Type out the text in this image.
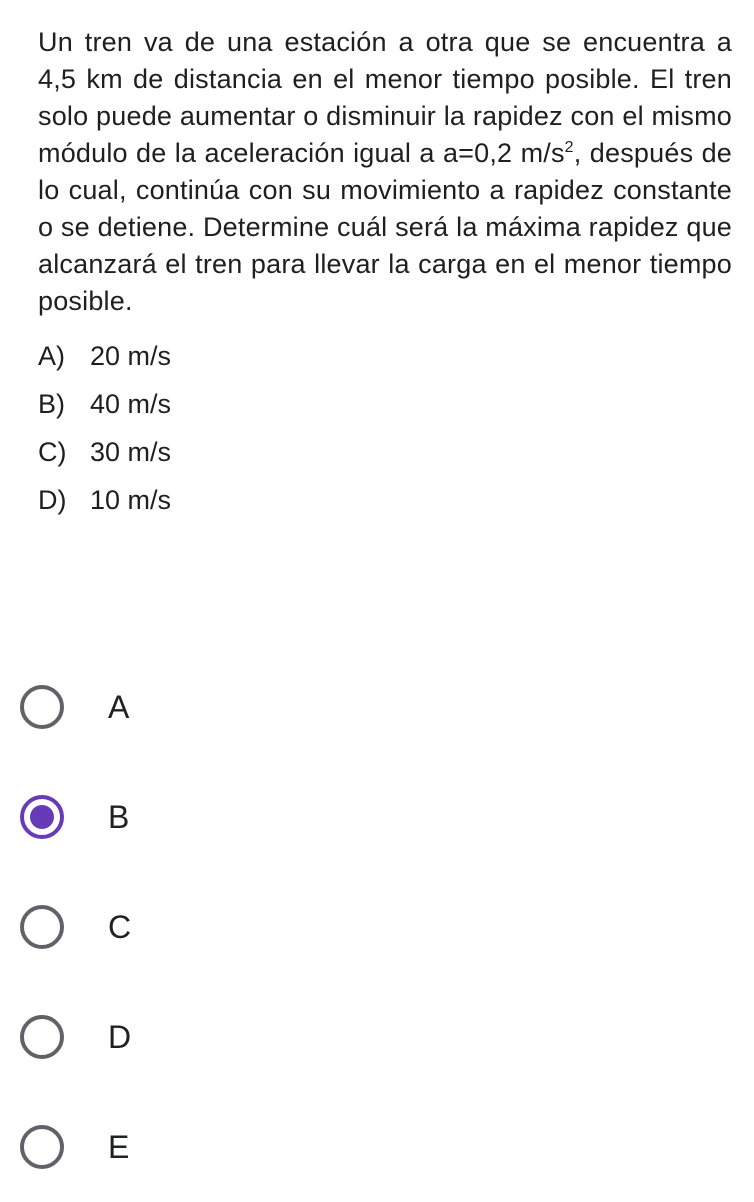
Un tren va de una estación a otra que se encuentra a 4,5 km de distancia en el menor tiempo posible. El tren solo puede aumentar o disminuir la rapidez con el mismo módulo de la aceleración igual a a=0,2 $m/s^2$, después de lo cual, continúa con su movimiento a rapidez constante o se detiene. Determine cuál será la máxima rapidez que alcanzará el tren para llevar la carga en el menor tiempo posible.

A) 20 m/s
B) 40 m/s
C) 30 m/s
D) 10 m/s
A
B
C
D
E
